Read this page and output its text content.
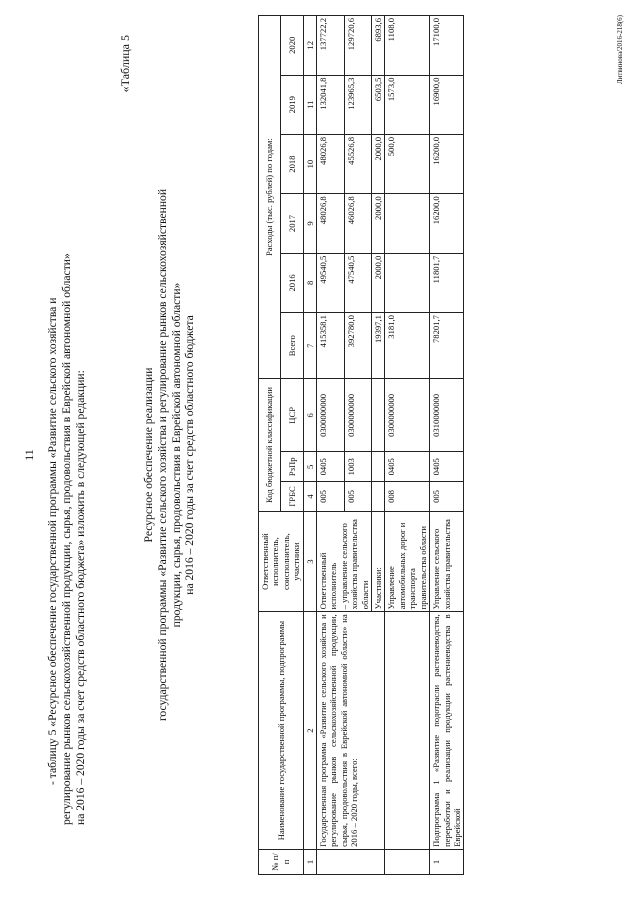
11 - таблицу 5 «Ресурсное обеспечение государственной программы «Развитие сельского хозяйства и регулирование рынков сельскохозяйственной продукции, сырья, продовольствия в Еврейской автономной области» на 2016 – 2020 годы за счет средств областного бюджета» изложить в следующей редакции:
«Таблица 5
Ресурсное обеспечение реализации государственной программы «Развитие сельского хозяйства и регулирование рынков сельскохозяйственной продукции, сырья, продовольствия в Еврейской автономной области» на 2016 – 2020 годы за счет средств областного бюджета
№ п/п	Наименование государственной программы, подпрограммы	Ответственный исполнитель, соисполнитель, участники	Код бюджетной классификации			Расходы (тыс. рублей) по годам:					
			ГРБС	РзПр	ЦСР	Всего	2016	2017	2018	2019	2020
1	2	3	4	5	6	7	8	9	10	11	12
	Государственная программа «Развитие сельского хозяйства и регулирование рынков сельскохозяйственной продукции, сырья, продовольствия в Еврейской автономной области» на 2016 – 2020 годы, всего:	Ответственный исполнитель – управление сельского хозяйства правительства области	005	0405	0300000000	415358,1	49540,5	48026,8	48026,8	132041,8	137722,2
			005	1003	0300000000	392780,0	47540,5	46026,8	45526,8	123965,3	129720,6
		Участники:				19397,1	2000,0	2000,0	2000,0	6503,5	6893,6
		Управление автомобильных дорог и транспорта правительства области	008	0405	0300000000	3181,0			500,0	1573,0	1108,0
1	Подпрограмма 1 «Развитие подотрасли растениеводства, переработки и реализации продукции растениеводства в Еврейской	Управление сельского хозяйства правительства	005	0405	0310000000	78201,7	11801,7	16200,0	16200,0	16900,0	17100,0	Литвинова/2016-218(6)
